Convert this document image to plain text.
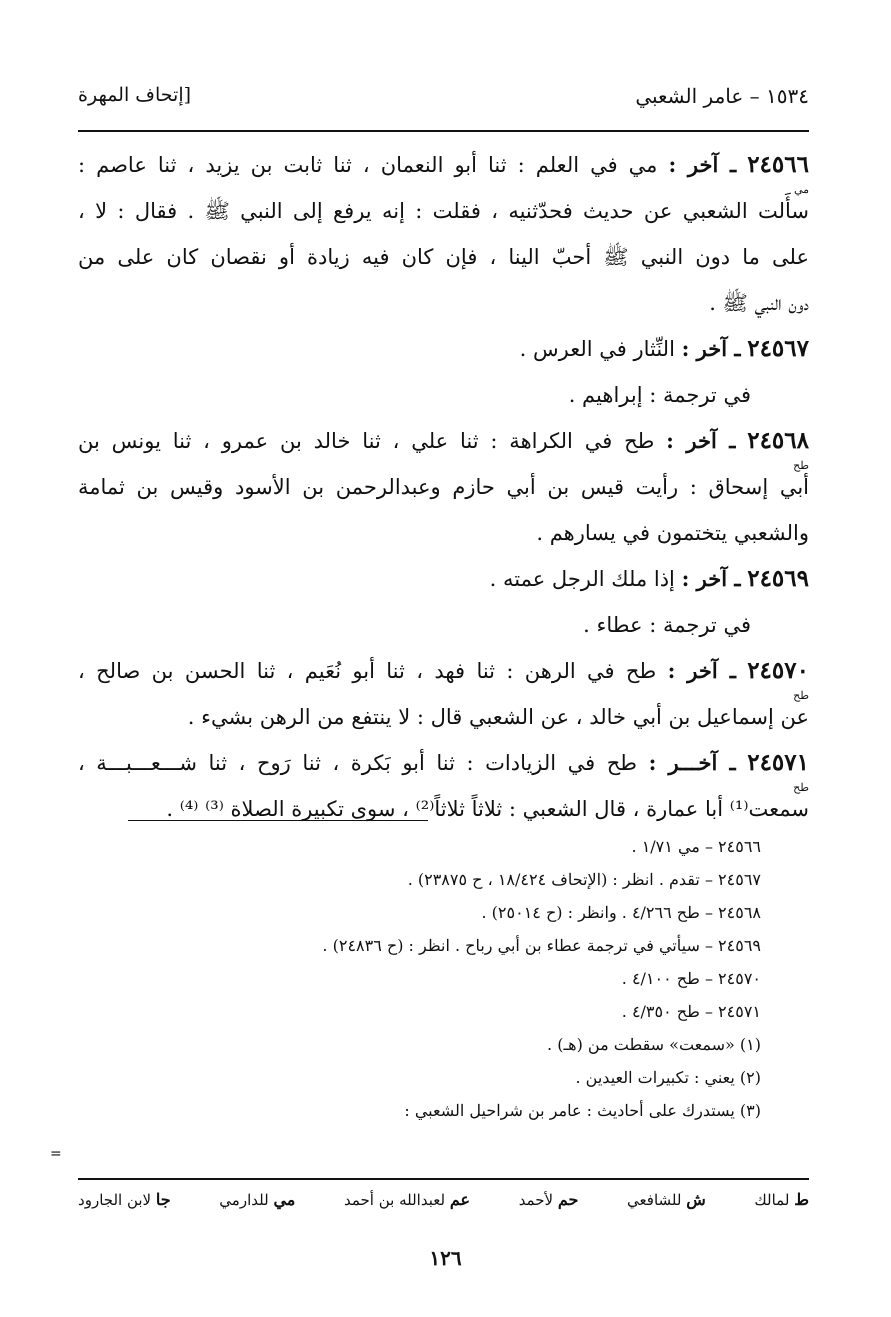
١٥٣٤ – عامر الشعبي
[إتحاف المهرة
٢٤٥٦٦ ـ آخر : مي في العلم : ثنا أبو النعمان ، ثنا ثابت بن يزيد ، ثنا عاصم :
مي
سأَلت الشعبي عن حديث فحدّثنيه ، فقلت : إنه يرفع إلى النبي ﷺ . فقال : لا ،
على ما دون النبي ﷺ أحبّ الينا ، فإن كان فيه زيادة أو نقصان كان على من
دون النبي ﷺ .
٢٤٥٦٧ ـ آخر : النِّثار في العرس .
في ترجمة : إبراهيم .
٢٤٥٦٨ ـ آخر : طح في الكراهة : ثنا علي ، ثنا خالد بن عمرو ، ثنا يونس بن
طح
أبي إسحاق : رأيت قيس بن أبي حازم وعبدالرحمن بن الأسود وقيس بن ثمامة
والشعبي يتختمون في يسارهم .
٢٤٥٦٩ ـ آخر : إذا ملك الرجل عمته .
في ترجمة : عطاء .
٢٤٥٧٠ ـ آخر : طح في الرهن : ثنا فهد ، ثنا أبو نُعَيم ، ثنا الحسن بن صالح ،
طح
عن إسماعيل بن أبي خالد ، عن الشعبي قال : لا ينتفع من الرهن بشيء .
٢٤٥٧١ ـ آخـــر : طح في الزيادات : ثنا أبو بَكرة ، ثنا رَوح ، ثنا شـــعـــبـــة ،
طح
سمعت⁽¹⁾ أبا عمارة ، قال الشعبي : ثلاثاً ثلاثاً⁽²⁾ ، سوى تكبيرة الصلاة ⁽³⁾ ⁽⁴⁾ .
٢٤٥٦٦ – مي ١/٧١ .
٢٤٥٦٧ – تقدم . انظر : (الإتحاف ١٨/٤٢٤ ، ح ٢٣٨٧٥) .
٢٤٥٦٨ – طح ٤/٢٦٦ . وانظر : (ح ٢٥٠١٤) .
٢٤٥٦٩ – سيأتي في ترجمة عطاء بن أبي رباح . انظر : (ح ٢٤٨٣٦) .
٢٤٥٧٠ – طح ٤/١٠٠ .
٢٤٥٧١ – طح ٤/٣٥٠ .
(١) «سمعت» سقطت من (هـ) .
(٢) يعني : تكبيرات العيدين .
(٣) يستدرك على أحاديث : عامر بن شراحيل الشعبي :
=
ط لمالك
ش للشافعي
حم لأحمد
عم لعبدالله بن أحمد
مي للدارمي
جا لابن الجارود
١٢٦
